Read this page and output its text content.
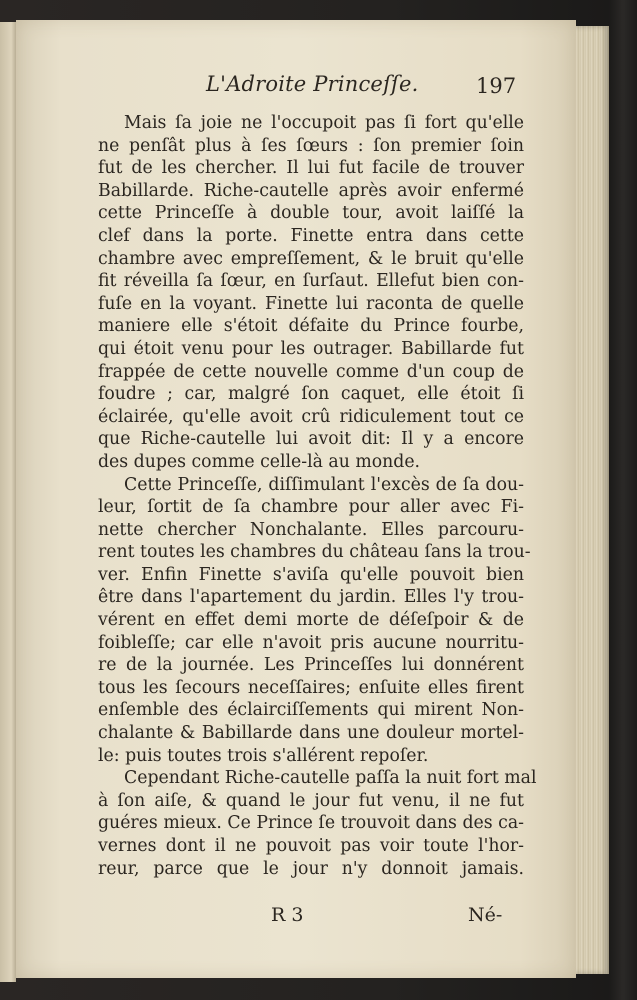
L'Adroite Princeſſe.	197
Mais ſa joie ne l'occupoit pas ſi fort qu'elle
ne penſât plus à ſes ſœurs : ſon premier ſoin
fut de les chercher. Il lui fut facile de trouver
Babillarde. Riche-cautelle après avoir enfermé
cette Princeſſe à double tour, avoit laiſſé la
clef dans la porte. Finette entra dans cette
chambre avec empreſſement, & le bruit qu'elle
fit réveilla ſa ſœur, en ſurſaut. Ellefut bien con-
fuſe en la voyant. Finette lui raconta de quelle
maniere elle s'étoit défaite du Prince fourbe,
qui étoit venu pour les outrager. Babillarde fut
frappée de cette nouvelle comme d'un coup de
foudre ; car, malgré ſon caquet, elle étoit ſi
éclairée, qu'elle avoit crû ridiculement tout ce
que Riche-cautelle lui avoit dit: Il y a encore
des dupes comme celle-là au monde.
Cette Princeſſe, diſſimulant l'excès de ſa dou-
leur, ſortit de ſa chambre pour aller avec Fi-
nette chercher Nonchalante. Elles parcouru-
rent toutes les chambres du château ſans la trou-
ver. Enfin Finette s'aviſa qu'elle pouvoit bien
être dans l'apartement du jardin. Elles l'y trou-
vérent en effet demi morte de déſeſpoir & de
foibleſſe; car elle n'avoit pris aucune nourritu-
re de la journée. Les Princeſſes lui donnérent
tous les ſecours neceſſaires; enſuite elles firent
enſemble des éclairciſſements qui mirent Non-
chalante & Babillarde dans une douleur mortel-
le: puis toutes trois s'allérent repoſer.
Cependant Riche-cautelle paſſa la nuit fort mal
à ſon aiſe, & quand le jour fut venu, il ne fut
guéres mieux. Ce Prince ſe trouvoit dans des ca-
vernes dont il ne pouvoit pas voir toute l'hor-
reur, parce que le jour n'y donnoit jamais.
R 3	Né-
